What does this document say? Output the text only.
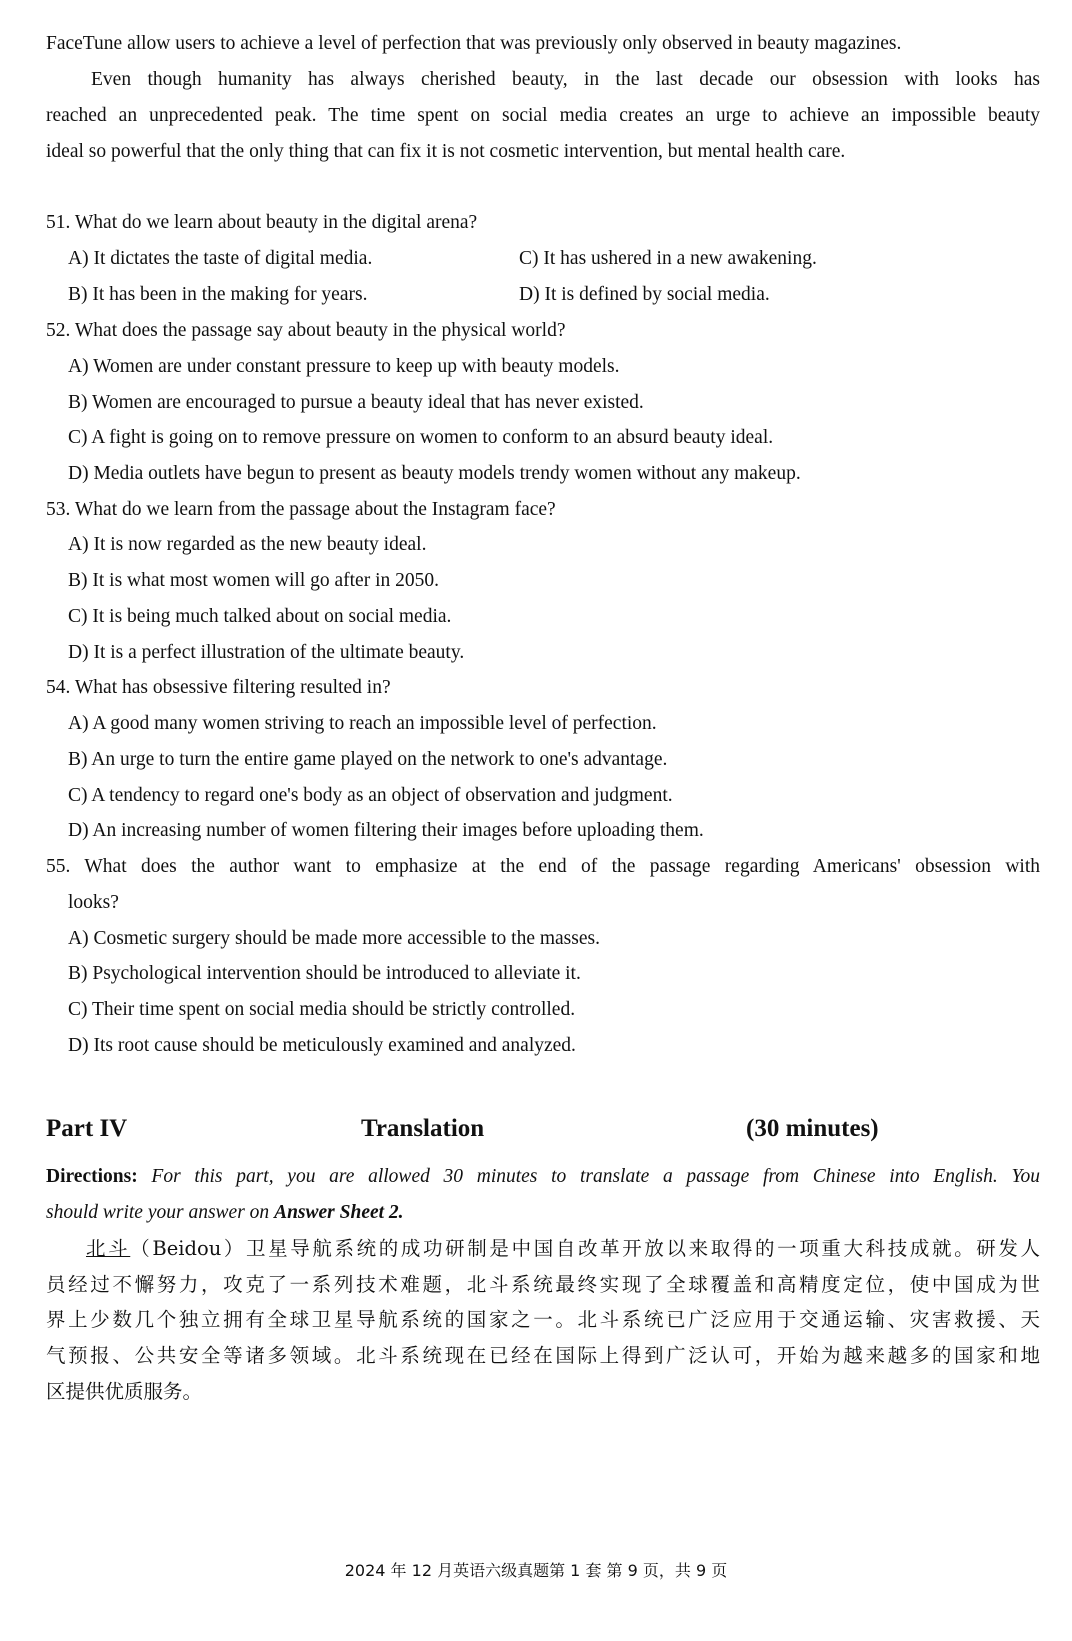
FaceTune allow users to achieve a level of perfection that was previously only observed in beauty magazines.
Even though humanity has always cherished beauty, in the last decade our obsession with looks has
reached an unprecedented peak. The time spent on social media creates an urge to achieve an impossible beauty
ideal so powerful that the only thing that can fix it is not cosmetic intervention, but mental health care.
51. What do we learn about beauty in the digital arena?
A) It dictates the taste of digital media.	C) It has ushered in a new awakening.
B) It has been in the making for years.	D) It is defined by social media.
52. What does the passage say about beauty in the physical world?
A) Women are under constant pressure to keep up with beauty models.
B) Women are encouraged to pursue a beauty ideal that has never existed.
C) A fight is going on to remove pressure on women to conform to an absurd beauty ideal.
D) Media outlets have begun to present as beauty models trendy women without any makeup.
53. What do we learn from the passage about the Instagram face?
A) It is now regarded as the new beauty ideal.
B) It is what most women will go after in 2050.
C) It is being much talked about on social media.
D) It is a perfect illustration of the ultimate beauty.
54. What has obsessive filtering resulted in?
A) A good many women striving to reach an impossible level of perfection.
B) An urge to turn the entire game played on the network to one's advantage.
C) A tendency to regard one's body as an object of observation and judgment.
D) An increasing number of women filtering their images before uploading them.
55. What does the author want to emphasize at the end of the passage regarding Americans' obsession with
looks?
A) Cosmetic surgery should be made more accessible to the masses.
B) Psychological intervention should be introduced to alleviate it.
C) Their time spent on social media should be strictly controlled.
D) Its root cause should be meticulously examined and analyzed.
Part IV	Translation	(30 minutes)
Directions: For this part, you are allowed 30 minutes to translate a passage from Chinese into English. You
should write your answer on Answer Sheet 2.
北斗（Beidou）卫星导航系统的成功研制是中国自改革开放以来取得的一项重大科技成就。研发人
员经过不懈努力，攻克了一系列技术难题，北斗系统最终实现了全球覆盖和高精度定位，使中国成为世
界上少数几个独立拥有全球卫星导航系统的国家之一。北斗系统已广泛应用于交通运输、灾害救援、天
气预报、公共安全等诸多领域。北斗系统现在已经在国际上得到广泛认可，开始为越来越多的国家和地
区提供优质服务。
2024 年 12 月英语六级真题第 1 套 第 9 页，共 9 页
